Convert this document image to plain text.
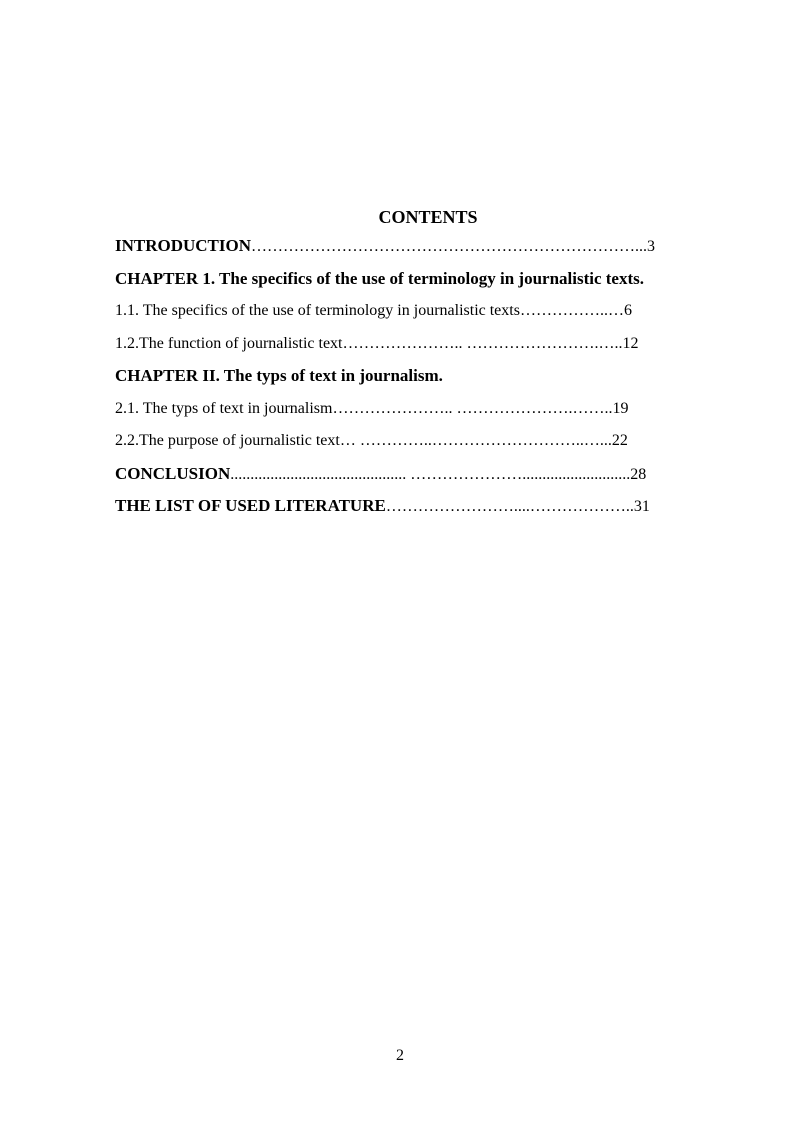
CONTENTS
INTRODUCTION………………………………………………………………...3
CHAPTER 1. The specifics of the use of terminology in journalistic texts.
1.1. The specifics of the use of terminology in journalistic texts……………..…6
1.2.The function of journalistic text………………….. …………………….…..12
CHAPTER II. The typs of text in journalism.
2.1. The typs of text in journalism………………….. ………………….……..19
2.2.The purpose of journalistic text… …………..………………………..…...22
CONCLUSION............................................ …………………...........................28
THE LIST OF USED LITERATURE……………………....………………..31
2
